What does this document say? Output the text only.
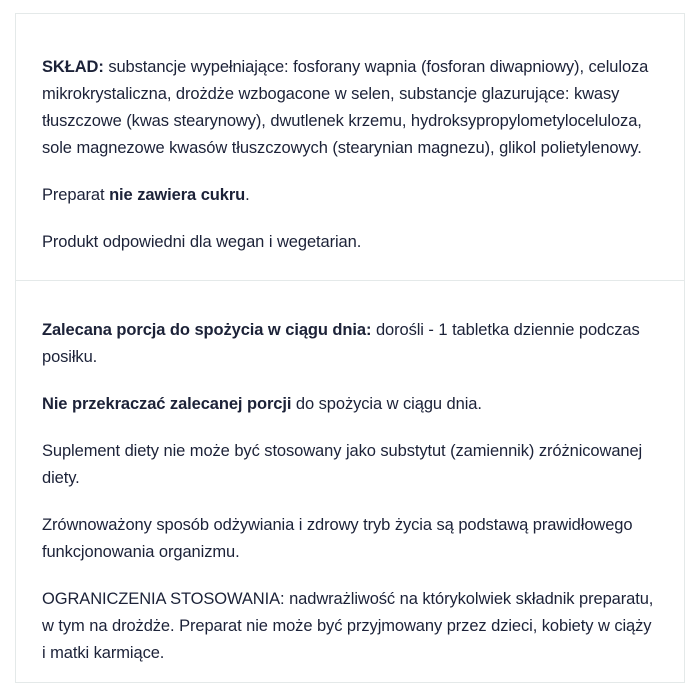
SKŁAD: substancje wypełniające: fosforany wapnia (fosforan diwapniowy), celuloza mikrokrystaliczna, drożdże wzbogacone w selen, substancje glazurujące: kwasy tłuszczowe (kwas stearynowy), dwutlenek krzemu, hydroksypropylometyloceluloza, sole magnezowe kwasów tłuszczowych (stearynian magnezu), glikol polietylenowy.

Preparat nie zawiera cukru.

Produkt odpowiedni dla wegan i wegetarian.

Zalecana porcja do spożycia w ciągu dnia: dorośli - 1 tabletka dziennie podczas posiłku.

Nie przekraczać zalecanej porcji do spożycia w ciągu dnia.

Suplement diety nie może być stosowany jako substytut (zamiennik) zróżnicowanej diety.

Zrównoważony sposób odżywiania i zdrowy tryb życia są podstawą prawidłowego funkcjonowania organizmu.

OGRANICZENIA STOSOWANIA: nadwrażliwość na którykolwiek składnik preparatu, w tym na drożdże. Preparat nie może być przyjmowany przez dzieci, kobiety w ciąży i matki karmiące.
